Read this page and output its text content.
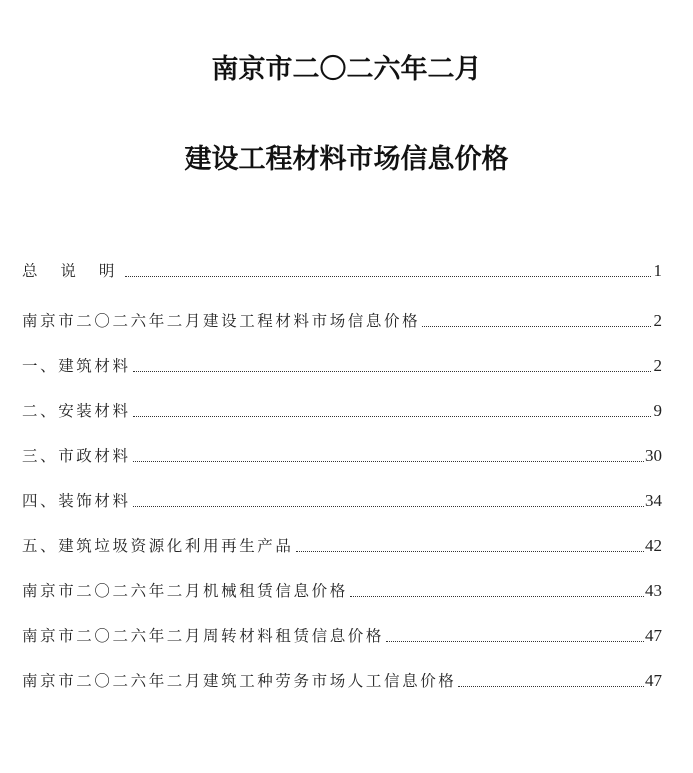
南京市二〇二六年二月
建设工程材料市场信息价格
总 说 明	1
南京市二〇二六年二月建设工程材料市场信息价格	2
一、建筑材料	2
二、安装材料	9
三、市政材料	30
四、装饰材料	34
五、建筑垃圾资源化利用再生产品	42
南京市二〇二六年二月机械租赁信息价格	43
南京市二〇二六年二月周转材料租赁信息价格	47
南京市二〇二六年二月建筑工种劳务市场人工信息价格	47
